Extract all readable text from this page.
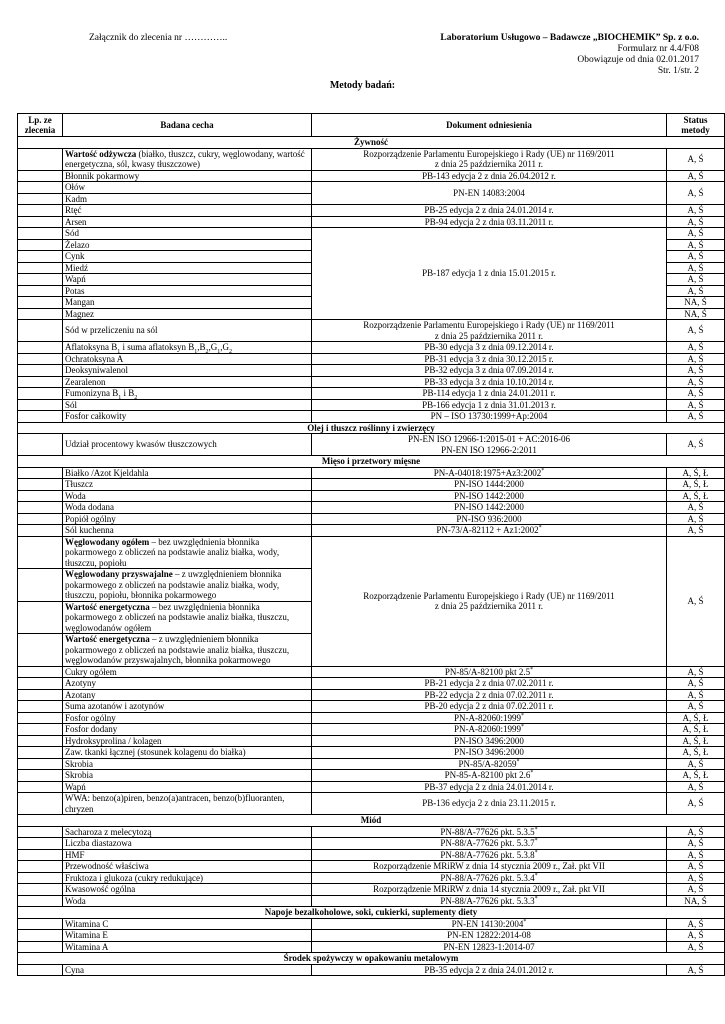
Załącznik do zlecenia nr …………..	Laboratorium Usługowo – Badawcze „BIOCHEMIK” Sp. z o.o.
Formularz nr 4.4/F08
Obowiązuje od dnia 02.01.2017
Str. 1/str. 2
Metody badań:
Lp. ze zlecenia	Badana cecha	Dokument odniesienia	Status metody
Żywność			
	Wartość odżywcza (białko, tłuszcz, cukry, węglowodany, wartość energetyczna, sól, kwasy tłuszczowe)	Rozporządzenie Parlamentu Europejskiego i Rady (UE) nr 1169/2011
z dnia 25 października 2011 r.	A, Ś
	Błonnik pokarmowy	PB-143 edycja 2 z dnia 26.04.2012 r.	A, Ś
	Ołów	PN-EN 14083:2004	A, Ś
	Kadm		
	Rtęć	PB-25 edycja 2 z dnia 24.01.2014 r.	A, Ś
	Arsen	PB-94 edycja 2 z dnia 03.11.2011 r.	A, Ś
	Sód	PB-187 edycja 1 z dnia 15.01.2015 r.	A, Ś
	Żelazo		A, Ś
	Cynk		A, Ś
	Miedź		A, Ś
	Wapń		A, Ś
	Potas		A, Ś
	Mangan		NA, Ś
	Magnez		NA, Ś
	Sód w przeliczeniu na sól	Rozporządzenie Parlamentu Europejskiego i Rady (UE) nr 1169/2011
z dnia 25 października 2011 r.	A, Ś
	Aflatoksyna $B_1$ i suma aflatoksyn $B_1,B_2,G_1,G_2$	PB-30 edycja 3 z dnia 09.12.2014 r.	A, Ś
	Ochratoksyna A	PB-31 edycja 3 z dnia 30.12.2015 r.	A, Ś
	Deoksyniwalenol	PB-32 edycja 3 z dnia 07.09.2014 r.	A, Ś
	Zearalenon	PB-33 edycja 3 z dnia 10.10.2014 r.	A, Ś
	Fumonizyna $B_1$ i $B_2$	PB-114 edycja 1 z dnia 24.01.2011 r.	A, Ś
	Sól	PB-166 edycja 1 z dnia 31.01.2013 r.	A, Ś
	Fosfor całkowity	PN – ISO 13730:1999+Ap:2004	A, Ś
Olej i tłuszcz roślinny i zwierzęcy			
	Udział procentowy kwasów tłuszczowych	PN-EN ISO 12966-1:2015-01 + AC:2016-06
PN-EN ISO 12966-2:2011	A, Ś
Mięso i przetwory mięsne			
	Białko /Azot Kjeldahla	PN-A-04018:1975+Az3:2002*	A, Ś, Ł
	Tłuszcz	PN-ISO 1444:2000	A, Ś, Ł
	Woda	PN-ISO 1442:2000	A, Ś, Ł
	Woda dodana	PN-ISO 1442:2000	A, Ś
	Popiół ogólny	PN-ISO 936:2000	A, Ś
	Sól kuchenna	PN-73/A-82112 + Az1:2002*	A, Ś
	Węglowodany ogółem – bez uwzględnienia błonnika pokarmowego z obliczeń na podstawie analiz białka, wody, tłuszczu, popiołu	Rozporządzenie Parlamentu Europejskiego i Rady (UE) nr 1169/2011
z dnia 25 października 2011 r.	A, Ś
	Węglowodany przyswajalne – z uwzględnieniem błonnika pokarmowego z obliczeń na podstawie analiz białka, wody, tłuszczu, popiołu, błonnika pokarmowego		
	Wartość energetyczna – bez uwzględnienia błonnika pokarmowego z obliczeń na podstawie analiz białka, tłuszczu, węglowodanów ogółem		
	Wartość energetyczna – z uwzględnieniem błonnika pokarmowego z obliczeń na podstawie analiz białka, tłuszczu, węglowodanów przyswajalnych, błonnika pokarmowego		
	Cukry ogółem	PN-85/A-82100 pkt 2.5*	A, Ś
	Azotyny	PB-21 edycja 2 z dnia 07.02.2011 r.	A, Ś
	Azotany	PB-22 edycja 2 z dnia 07.02.2011 r.	A, Ś
	Suma azotanów i azotynów	PB-20 edycja 2 z dnia 07.02.2011 r.	A, Ś
	Fosfor ogólny	PN-A-82060:1999*	A, Ś, Ł
	Fosfor dodany	PN-A-82060:1999*	A, Ś, Ł
	Hydroksyprolina / kolagen	PN-ISO 3496:2000	A, Ś, Ł
	Zaw. tkanki łącznej (stosunek kolagenu do białka)	PN-ISO 3496:2000	A, Ś, Ł
	Skrobia	PN-85/A-82059*	A, Ś
	Skrobia	PN-85-A-82100 pkt 2.6*	A, Ś, Ł
	Wapń	PB-37 edycja 2 z dnia 24.01.2014 r.	A, Ś
	WWA: benzo(a)piren, benzo(a)antracen, benzo(b)fluoranten, chryzen	PB-136 edycja 2 z dnia 23.11.2015 r.	A, Ś
Miód			
	Sacharoza z melecytozą	PN-88/A-77626 pkt. 5.3.5*	A, Ś
	Liczba diastazowa	PN-88/A-77626 pkt. 5.3.7*	A, Ś
	HMF	PN-88/A-77626 pkt. 5.3.8*	A, Ś
	Przewodność właściwa	Rozporządzenie MRiRW z dnia 14 stycznia 2009 r., Zał. pkt VII	A, Ś
	Fruktoza i glukoza (cukry redukujące)	PN-88/A-77626 pkt. 5.3.4*	A, Ś
	Kwasowość ogólna	Rozporządzenie MRiRW z dnia 14 stycznia 2009 r., Zał. pkt VII	A, Ś
	Woda	PN-88/A-77626 pkt. 5.3.3*	NA, Ś
Napoje bezalkoholowe, soki, cukierki, suplementy diety			
	Witamina C	PN-EN 14130:2004*	A, Ś
	Witamina E	PN-EN 12822:2014-08	A, Ś
	Witamina A	PN-EN 12823-1:2014-07	A, Ś
Środek spożywczy w opakowaniu metalowym			
	Cyna	PB-35 edycja 2 z dnia 24.01.2012 r.	A, Ś
